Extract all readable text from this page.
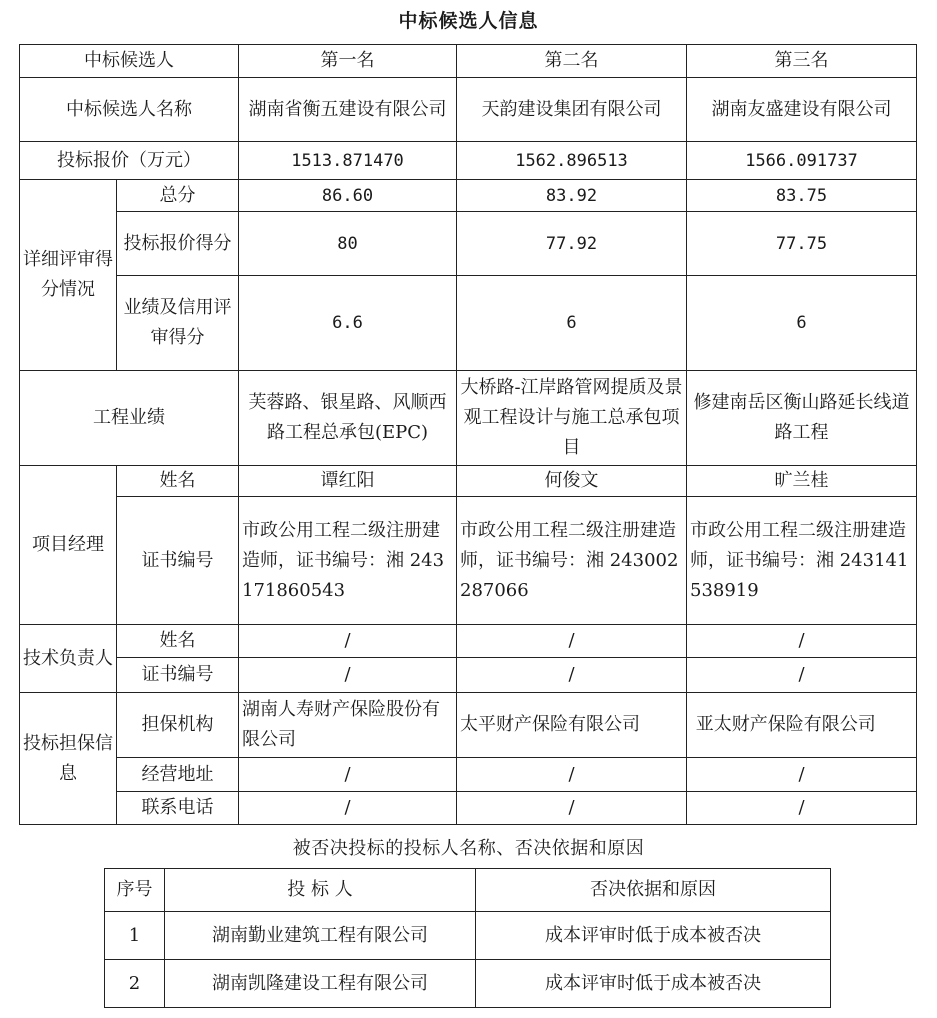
中标候选人信息
中标候选人		第一名	第二名	第三名
中标候选人名称		湖南省衡五建设有限公司	天韵建设集团有限公司	湖南友盛建设有限公司
投标报价（万元）		1513.871470	1562.896513	1566.091737
详细评审得分情况	总分	86.60	83.92	83.75
	投标报价得分	80	77.92	77.75
	业绩及信用评审得分	6.6	6	6
工程业绩		芙蓉路、银星路、风顺西路工程总承包(EPC)	大桥路-江岸路管网提质及景观工程设计与施工总承包项目	修建南岳区衡山路延长线道路工程
项目经理	姓名	谭红阳	何俊文	旷兰桂
	证书编号	市政公用工程二级注册建造师，证书编号：湘 243171860543	市政公用工程二级注册建造师，证书编号：湘 243002287066	市政公用工程二级注册建造师，证书编号：湘 243141538919
技术负责人	姓名	/	/	/
	证书编号	/	/	/
投标担保信息	担保机构	湖南人寿财产保险股份有限公司	太平财产保险有限公司	亚太财产保险有限公司
	经营地址	/	/	/
	联系电话	/	/	/
被否决投标的投标人名称、否决依据和原因
序号	投 标 人	否决依据和原因
1	湖南勤业建筑工程有限公司	成本评审时低于成本被否决
2	湖南凯隆建设工程有限公司	成本评审时低于成本被否决
